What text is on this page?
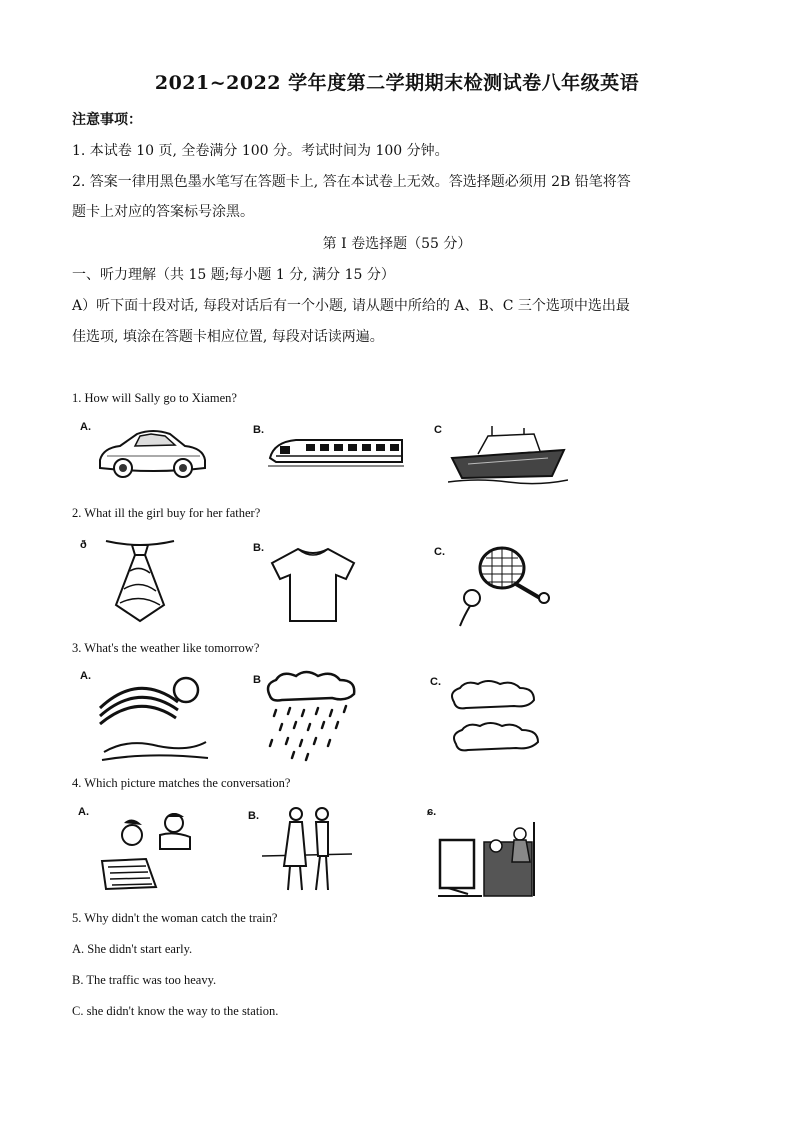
2021~2022 学年度第二学期期末检测试卷八年级英语
注意事项：
1. 本试卷 10 页, 全卷满分 100 分。考试时间为 100 分钟。
2. 答案一律用黑色墨水笔写在答题卡上, 答在本试卷上无效。答选择题必须用 2B 铅笔将答
题卡上对应的答案标号涂黑。
第 I 卷选择题（55 分）
一、听力理解（共 15 题;每小题 1 分, 满分 15 分）
A）听下面十段对话, 每段对话后有一个小题, 请从题中所给的 A、B、C 三个选项中选出最
佳选项, 填涂在答题卡相应位置, 每段对话读两遍。
1. How will Sally go to Xiamen?
A.	B.	C
2. What ill the girl buy for her father?
ð	B.	C.
3. What's the weather like tomorrow?
A.	B	C.
4. Which picture matches the conversation?
A.	B.	ɕ.
5. Why didn't the woman catch the train?
A. She didn't start early.
B. The traffic was too heavy.
C. she didn't know the way to the station.
